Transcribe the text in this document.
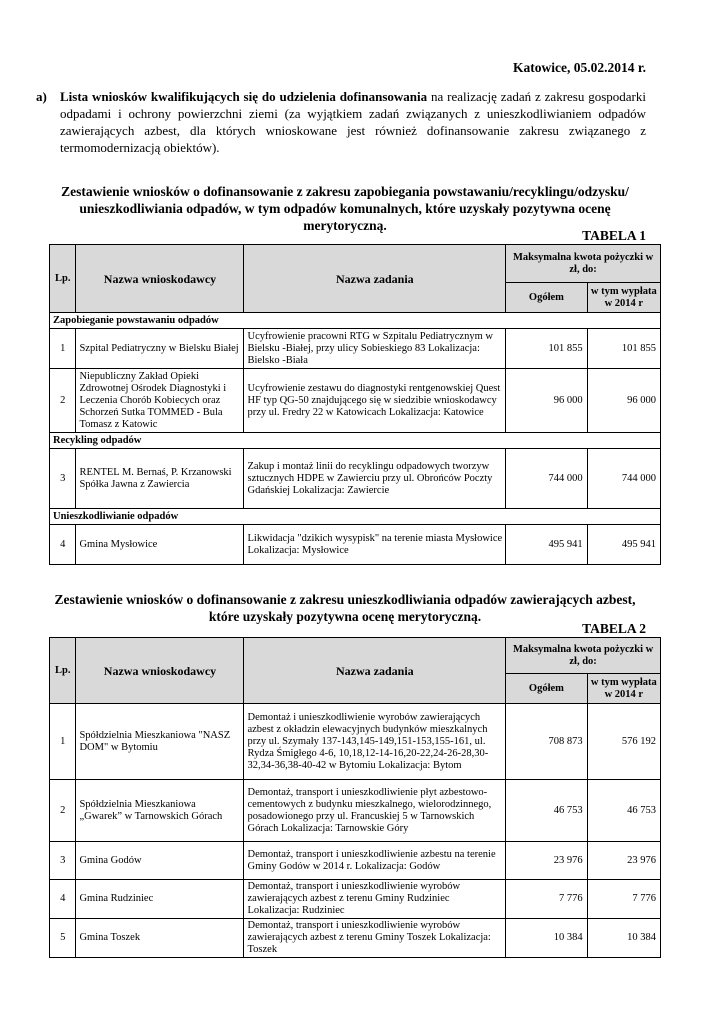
Katowice, 05.02.2014 r.
a) Lista wniosków kwalifikujących się do udzielenia dofinansowania na realizację zadań z zakresu gospodarki odpadami i ochrony powierzchni ziemi (za wyjątkiem zadań związanych z unieszkodliwianiem odpadów zawierających azbest, dla których wnioskowane jest również dofinansowanie zakresu związanego z termomodernizacją obiektów).
Zestawienie wniosków o dofinansowanie z zakresu zapobiegania powstawaniu/recyklingu/odzysku/ unieszkodliwiania odpadów, w tym odpadów komunalnych, które uzyskały pozytywna ocenę merytoryczną.
TABELA 1
Lp.	Nazwa wnioskodawcy	Nazwa zadania	Maksymalna kwota pożyczki w zł, do:	
			Ogółem	w tym wypłata w 2014 r
Zapobieganie powstawaniu odpadów				
1	Szpital Pediatryczny w Bielsku Białej	Ucyfrowienie pracowni RTG w Szpitalu Pediatrycznym w Bielsku -Białej, przy ulicy Sobieskiego 83 Lokalizacja: Bielsko -Biała	101 855	101 855
2	Niepubliczny Zakład Opieki Zdrowotnej Ośrodek Diagnostyki i Leczenia Chorób Kobiecych oraz Schorzeń Sutka TOMMED - Bula Tomasz z Katowic	Ucyfrowienie zestawu do diagnostyki rentgenowskiej Quest HF typ QG-50 znajdującego się w siedzibie wnioskodawcy przy ul. Fredry 22 w Katowicach Lokalizacja: Katowice	96 000	96 000
Recykling odpadów				
3	RENTEL M. Bernaś, P. Krzanowski Spółka Jawna z Zawiercia	Zakup i montaż linii do recyklingu odpadowych tworzyw sztucznych HDPE w Zawierciu przy ul. Obrońców Poczty Gdańskiej Lokalizacja: Zawiercie	744 000	744 000
Unieszkodliwianie odpadów				
4	Gmina Mysłowice	Likwidacja "dzikich wysypisk" na terenie miasta Mysłowice Lokalizacja: Mysłowice	495 941	495 941
Zestawienie wniosków o dofinansowanie z zakresu unieszkodliwiania odpadów zawierających azbest, które uzyskały pozytywna ocenę merytoryczną.
TABELA 2
Lp.	Nazwa wnioskodawcy	Nazwa zadania	Maksymalna kwota pożyczki w zł, do:	
			Ogółem	w tym wypłata w 2014 r
1	Spółdzielnia Mieszkaniowa "NASZ DOM" w Bytomiu	Demontaż i unieszkodliwienie wyrobów zawierających azbest z okładzin elewacyjnych budynków mieszkalnych przy ul. Szymały 137-143,145-149,151-153,155-161, ul. Rydza Śmigłego 4-6, 10,18,12-14-16,20-22,24-26-28,30-32,34-36,38-40-42 w Bytomiu Lokalizacja: Bytom	708 873	576 192
2	Spółdzielnia Mieszkaniowa „Gwarek” w Tarnowskich Górach	Demontaż, transport i unieszkodliwienie płyt azbestowo-cementowych z budynku mieszkalnego, wielorodzinnego, posadowionego przy ul. Francuskiej 5 w Tarnowskich Górach Lokalizacja: Tarnowskie Góry	46 753	46 753
3	Gmina Godów	Demontaż, transport i unieszkodliwienie azbestu na terenie Gminy Godów w 2014 r. Lokalizacja: Godów	23 976	23 976
4	Gmina Rudziniec	Demontaż, transport i unieszkodliwienie wyrobów zawierających azbest z terenu Gminy Rudziniec Lokalizacja: Rudziniec	7 776	7 776
5	Gmina Toszek	Demontaż, transport i unieszkodliwienie wyrobów zawierających azbest z terenu Gminy Toszek Lokalizacja: Toszek	10 384	10 384
